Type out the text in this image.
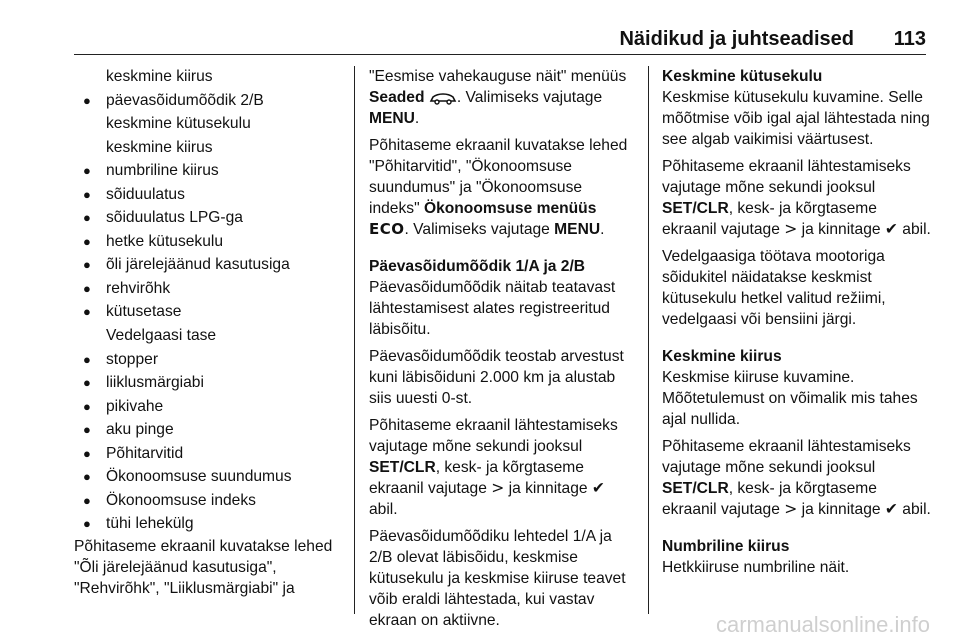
Näidikud ja juhtseadised 113
keskmine kiirus
● päevasõidumõõdik 2/B
keskmine kütusekulu
keskmine kiirus
● numbriline kiirus
● sõiduulatus
● sõiduulatus LPG-ga
● hetke kütusekulu
● õli järelejäänud kasutusiga
● rehvirõhk
● kütusetase
Vedelgaasi tase
● stopper
● liiklusmärgiabi
● pikivahe
● aku pinge
● Põhitarvitid
● Ökonoomsuse suundumus
● Ökonoomsuse indeks
● tühi lehekülg

Põhitaseme ekraanil kuvatakse lehed "Õli järelejäänud kasutusiga", "Rehvirõhk", "Liiklusmärgiabi" ja

"Eesmise vahekauguse näit" menüüs Seaded . Valimiseks vajutage MENU.

Põhitaseme ekraanil kuvatakse lehed "Põhitarvitid", "Ökonoomsuse suundumus" ja "Ökonoomsuse indeks" Ökonoomsuse menüüs ECO. Valimiseks vajutage MENU.

Päevasõidumõõdik 1/A ja 2/B

Päevasõidumõõdik näitab teatavast lähtestamisest alates registreeritud läbisõitu.

Päevasõidumõõdik teostab arvestust kuni läbisõiduni 2.000 km ja alustab siis uuesti 0-st.

Põhitaseme ekraanil lähtestamiseks vajutage mõne sekundi jooksul SET/CLR, kesk- ja kõrgtaseme ekraanil vajutage > ja kinnitage ✔ abil.

Päevasõidumõõdiku lehtedel 1/A ja 2/B olevat läbisõidu, keskmise kütusekulu ja keskmise kiiruse teavet võib eraldi lähtestada, kui vastav ekraan on aktiivne.

Keskmine kütusekulu

Keskmise kütusekulu kuvamine. Selle mõõtmise võib igal ajal lähtestada ning see algab vaikimisi väärtusest.

Põhitaseme ekraanil lähtestamiseks vajutage mõne sekundi jooksul SET/CLR, kesk- ja kõrgtaseme ekraanil vajutage > ja kinnitage ✔ abil.

Vedelgaasiga töötava mootoriga sõidukitel näidatakse keskmist kütusekulu hetkel valitud režiimi, vedelgaasi või bensiini järgi.

Keskmine kiirus

Keskmise kiiruse kuvamine. Mõõtetulemust on võimalik mis tahes ajal nullida.

Põhitaseme ekraanil lähtestamiseks vajutage mõne sekundi jooksul SET/CLR, kesk- ja kõrgtaseme ekraanil vajutage > ja kinnitage ✔ abil.

Numbriline kiirus

Hetkkiiruse numbriline näit.

carmanualsonline.info
